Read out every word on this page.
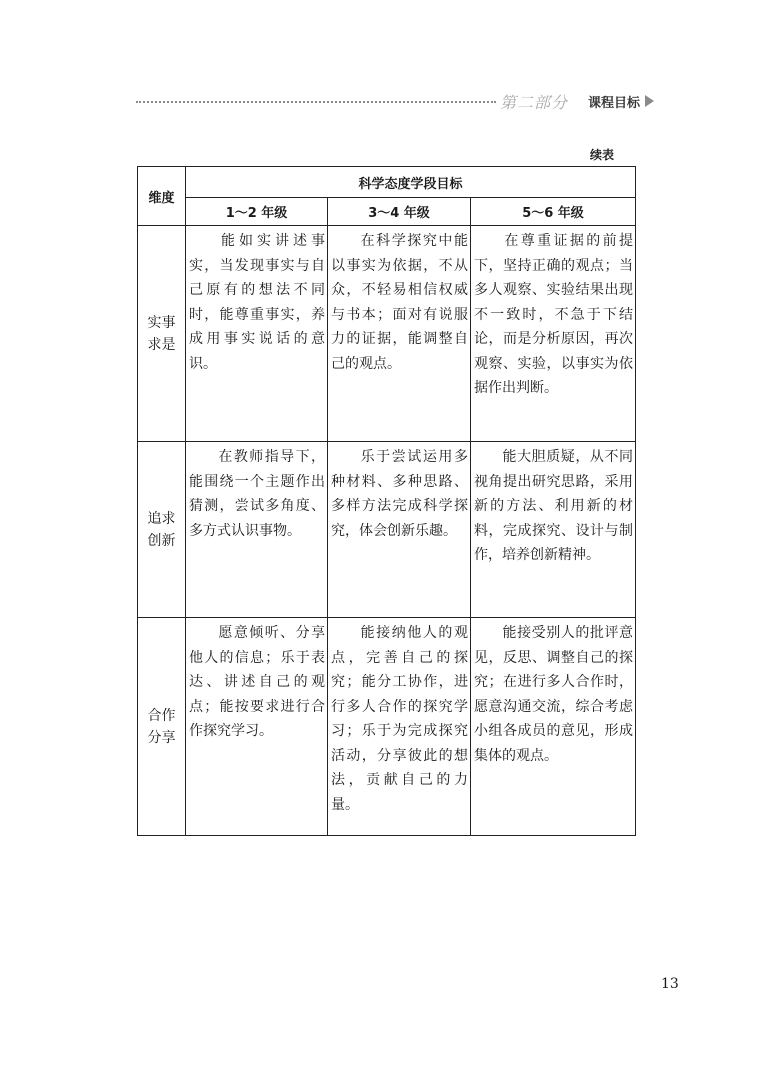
第二部分 课程目标
续表
维度	科学态度学段目标		
	1～2 年级	3～4 年级	5～6 年级
实事
求是	能如实讲述事实，当发现事实与自己原有的想法不同时，能尊重事实，养成用事实说话的意识。	在科学探究中能以事实为依据，不从众，不轻易相信权威与书本；面对有说服力的证据，能调整自己的观点。	在尊重证据的前提下，坚持正确的观点；当多人观察、实验结果出现不一致时，不急于下结论，而是分析原因，再次观察、实验，以事实为依据作出判断。
追求
创新	在教师指导下，能围绕一个主题作出猜测，尝试多角度、多方式认识事物。	乐于尝试运用多种材料、多种思路、多样方法完成科学探究，体会创新乐趣。	能大胆质疑，从不同视角提出研究思路，采用新的方法、利用新的材料，完成探究、设计与制作，培养创新精神。
合作
分享	愿意倾听、分享他人的信息；乐于表达、讲述自己的观点；能按要求进行合作探究学习。	能接纳他人的观点，完善自己的探究；能分工协作，进行多人合作的探究学习；乐于为完成探究活动，分享彼此的想法，贡献自己的力量。	能接受别人的批评意见，反思、调整自己的探究；在进行多人合作时，愿意沟通交流，综合考虑小组各成员的意见，形成集体的观点。
13
